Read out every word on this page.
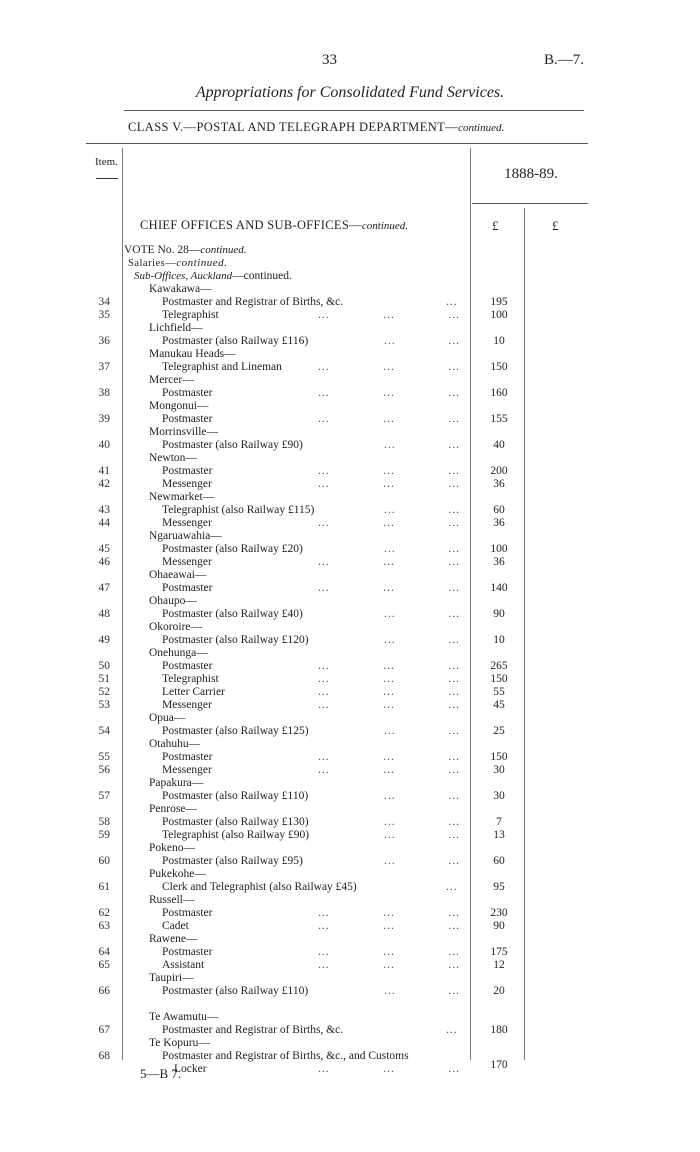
33	B.—7.
Appropriations for Consolidated Fund Services.
CLASS V.—POSTAL AND TELEGRAPH DEPARTMENT—continued.
Item.
1888-89.
CHIEF OFFICES AND SUB-OFFICES—continued.	£	£
VOTE No. 28—continued.
Salaries—continued.
Sub-Offices, Auckland—continued.
Kawakawa—
34	Postmaster and Registrar of Births, &c.	...	195
35	Telegraphist	...	...	...	100
Lichfield—
36	Postmaster (also Railway £116)	...	...	10
Manukau Heads—
37	Telegraphist and Lineman	...	...	...	150
Mercer—
38	Postmaster	...	...	...	160
Mongonui—
39	Postmaster	...	...	...	155
Morrinsville—
40	Postmaster (also Railway £90)	...	...	40
Newton—
41	Postmaster	...	...	...	200
42	Messenger	...	...	...	36
Newmarket—
43	Telegraphist (also Railway £115)	...	...	60
44	Messenger	...	...	...	36
Ngaruawahia—
45	Postmaster (also Railway £20)	...	...	100
46	Messenger	...	...	...	36
Ohaeawai—
47	Postmaster	...	...	...	140
Ohaupo—
48	Postmaster (also Railway £40)	...	...	90
Okoroire—
49	Postmaster (also Railway £120)	...	...	10
Onehunga—
50	Postmaster	...	...	...	265
51	Telegraphist	...	...	...	150
52	Letter Carrier	...	...	...	55
53	Messenger	...	...	...	45
Opua—
54	Postmaster (also Railway £125)	...	...	25
Otahuhu—
55	Postmaster	...	...	...	150
56	Messenger	...	...	...	30
Papakura—
57	Postmaster (also Railway £110)	...	...	30
Penrose—
58	Postmaster (also Railway £130)	...	...	7
59	Telegraphist (also Railway £90)	...	...	13
Pokeno—
60	Postmaster (also Railway £95)	...	...	60
Pukekohe—
61	Clerk and Telegraphist (also Railway £45)	...	95
Russell—
62	Postmaster	...	...	...	230
63	Cadet	...	...	...	90
Rawene—
64	Postmaster	...	...	...	175
65	Assistant	...	...	...	12
Taupiri—
66	Postmaster (also Railway £110)	...	...	20
Te Awamutu—
67	Postmaster and Registrar of Births, &c.	...	180
Te Kopuru—
68	Postmaster and Registrar of Births, &c., and Customs
Locker	...	...	...	170
5—B 7.
